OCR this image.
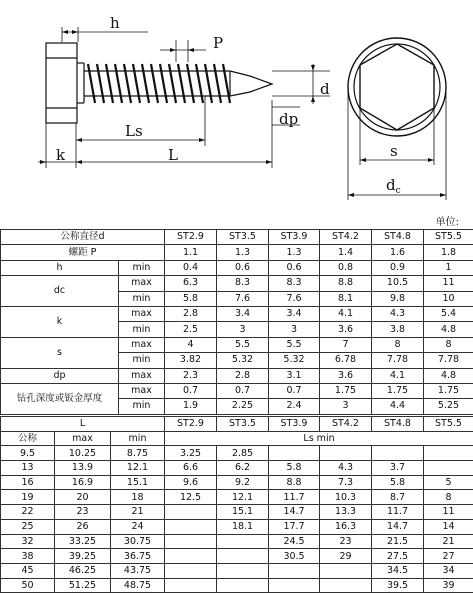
h
P
d
dp
Ls
L
k	s
$d_c$
单位:
公称直径d		ST2.9	ST3.5	ST3.9	ST4.2	ST4.8	ST5.5
螺距 P		1.1	1.3	1.3	1.4	1.6	1.8
h	min	0.4	0.6	0.6	0.8	0.9	1
dc	max	6.3	8.3	8.3	8.8	10.5	11
	min	5.8	7.6	7.6	8.1	9.8	10
k	max	2.8	3.4	3.4	4.1	4.3	5.4
	min	2.5	3	3	3.6	3.8	4.8
s	max	4	5.5	5.5	7	8	8
	min	3.82	5.32	5.32	6.78	7.78	7.78
dp	max	2.3	2.8	3.1	3.6	4.1	4.8
钻孔深度或钣金厚度	max	0.7	0.7	0.7	1.75	1.75	1.75
	min	1.9	2.25	2.4	3	4.4	5.25
L			ST2.9	ST3.5	ST3.9	ST4.2	ST4.8	ST5.5
公称	max	min	Ls min					
9.5	10.25	8.75	3.25	2.85				
13	13.9	12.1	6.6	6.2	5.8	4.3	3.7	
16	16.9	15.1	9.6	9.2	8.8	7.3	5.8	5
19	20	18	12.5	12.1	11.7	10.3	8.7	8
22	23	21		15.1	14.7	13.3	11.7	11
25	26	24		18.1	17.7	16.3	14.7	14
32	33.25	30.75			24.5	23	21.5	21
38	39.25	36.75			30.5	29	27.5	27
45	46.25	43.75					34.5	34
50	51.25	48.75					39.5	39
